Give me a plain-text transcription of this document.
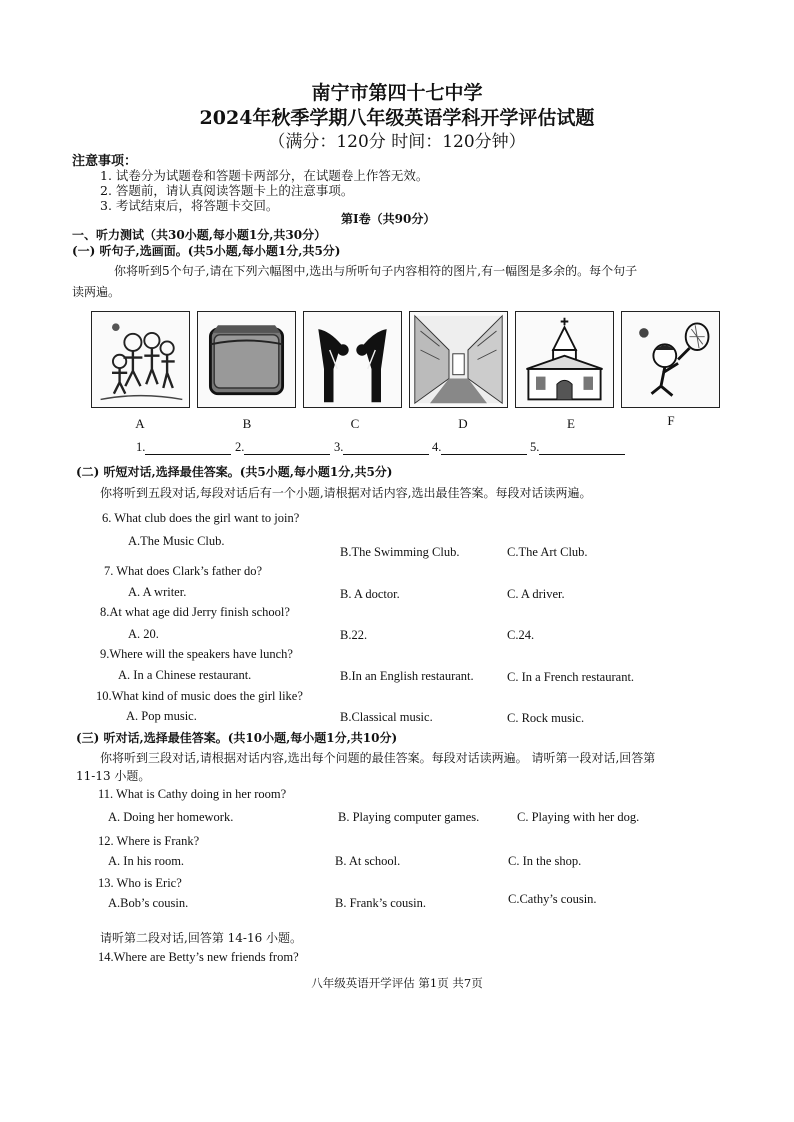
南宁市第四十七中学
2024年秋季学期八年级英语学科开学评估试题
（满分：120分 时间：120分钟）
注意事项：
1. 试卷分为试题卷和答题卡两部分，在试题卷上作答无效。
2. 答题前，请认真阅读答题卡上的注意事项。
3. 考试结束后，将答题卡交回。
第Ⅰ卷（共90分）
一、听力测试（共30小题,每小题1分,共30分）
(一) 听句子,选画面。(共5小题,每小题1分,共5分)
你将听到5个句子,请在下列六幅图中,选出与所听句子内容相符的图片,有一幅图是多余的。每个句子
读两遍。
A	B	C	D	E	F
1.	2.	3.	4.	5.
(二) 听短对话,选择最佳答案。(共5小题,每小题1分,共5分)
你将听到五段对话,每段对话后有一个小题,请根据对话内容,选出最佳答案。每段对话读两遍。
6. What club does the girl want to join?
A.The Music Club.
B.The Swimming Club.	C.The Art Club.
7. What does Clark’s father do?
A. A writer.	B. A doctor.	C. A driver.
8.At what age did Jerry finish school?
A. 20.	B.22.	C.24.
9.Where will the speakers have lunch?
A. In a Chinese restaurant.	B.In an English restaurant.	C. In a French restaurant.
10.What kind of music does the girl like?
A. Pop music.	B.Classical music.	C. Rock music.
(三) 听对话,选择最佳答案。(共10小题,每小题1分,共10分)
你将听到三段对话,请根据对话内容,选出每个问题的最佳答案。每段对话读两遍。 请听第一段对话,回答第
11-13 小题。
11. What is Cathy doing in her room?
A. Doing her homework.	B. Playing computer games.	C. Playing with her dog.
12. Where is Frank?
A. In his room.	B. At school.	C. In the shop.
13. Who is Eric?
A.Bob’s cousin.	B. Frank’s cousin.	C.Cathy’s cousin.
请听第二段对话,回答第 14-16 小题。
14.Where are Betty’s new friends from?
八年级英语开学评估 第1页 共7页
